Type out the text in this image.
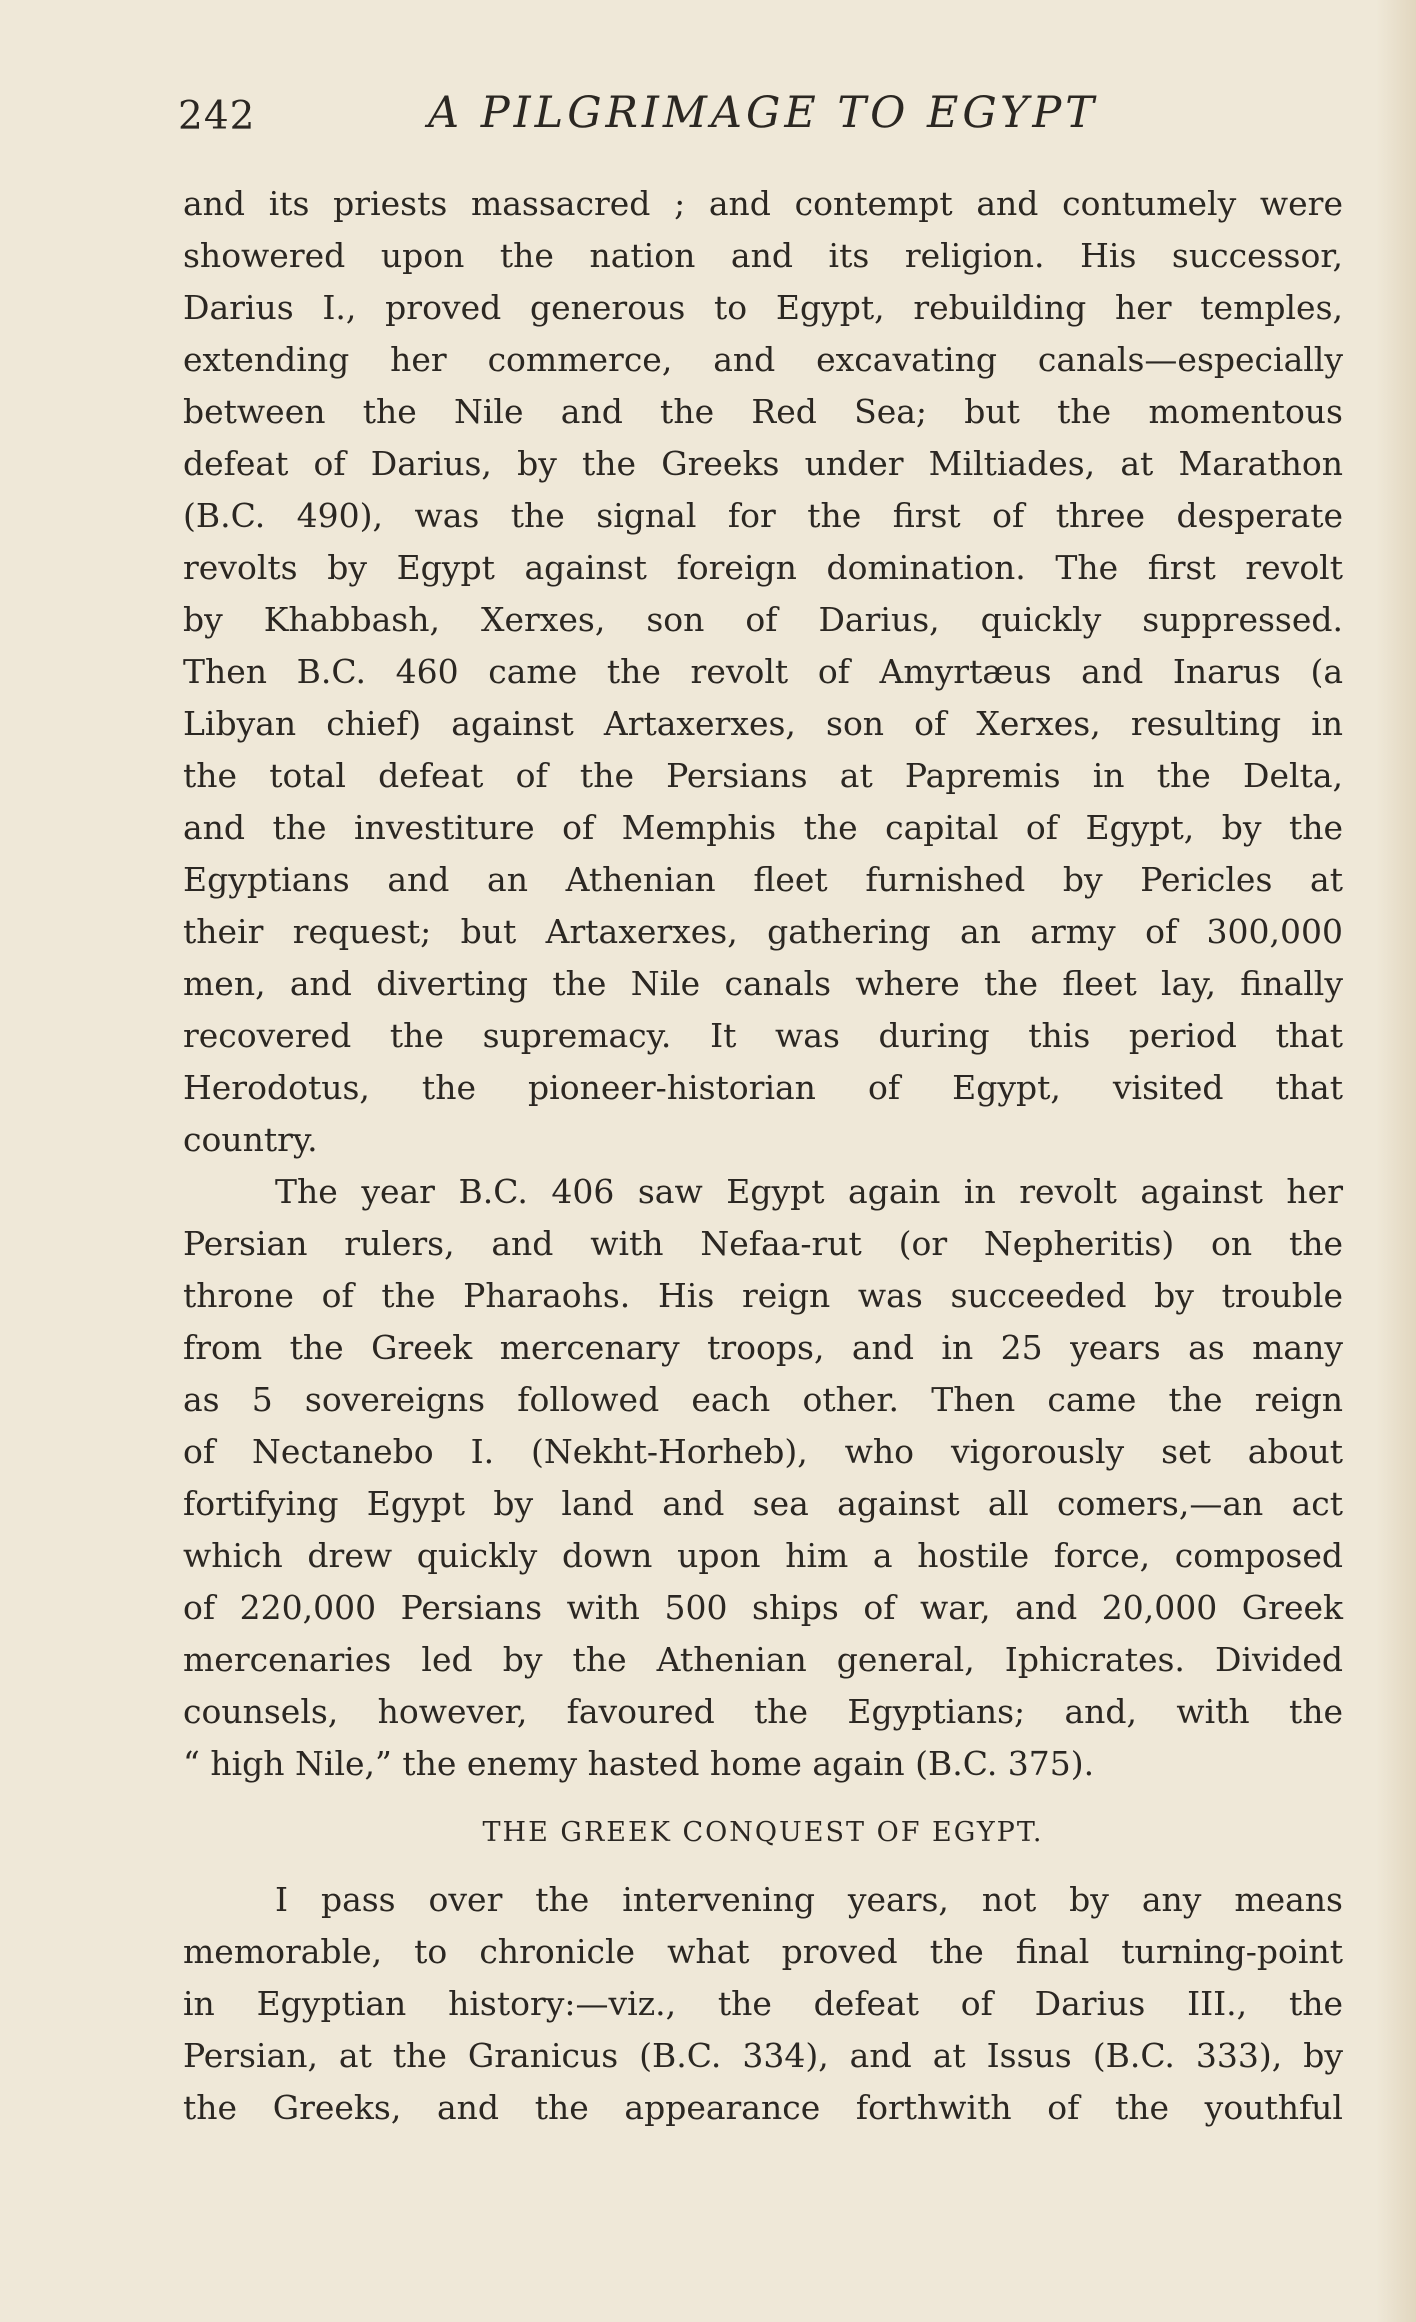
242	A PILGRIMAGE TO EGYPT
and its priests massacred ; and contempt and contumely were
showered upon the nation and its religion. His successor,
Darius I., proved generous to Egypt, rebuilding her temples,
extending her commerce, and excavating canals—especially
between the Nile and the Red Sea; but the momentous
defeat of Darius, by the Greeks under Miltiades, at Marathon
(B.C. 490), was the signal for the first of three desperate
revolts by Egypt against foreign domination. The first revolt
by Khabbash, Xerxes, son of Darius, quickly suppressed.
Then B.C. 460 came the revolt of Amyrtæus and Inarus (a
Libyan chief) against Artaxerxes, son of Xerxes, resulting in
the total defeat of the Persians at Papremis in the Delta,
and the investiture of Memphis the capital of Egypt, by the
Egyptians and an Athenian fleet furnished by Pericles at
their request; but Artaxerxes, gathering an army of 300,000
men, and diverting the Nile canals where the fleet lay, finally
recovered the supremacy. It was during this period that
Herodotus, the pioneer-historian of Egypt, visited that
country.
The year B.C. 406 saw Egypt again in revolt against her
Persian rulers, and with Nefaa-rut (or Nepheritis) on the
throne of the Pharaohs. His reign was succeeded by trouble
from the Greek mercenary troops, and in 25 years as many
as 5 sovereigns followed each other. Then came the reign
of Nectanebo I. (Nekht-Horheb), who vigorously set about
fortifying Egypt by land and sea against all comers,—an act
which drew quickly down upon him a hostile force, composed
of 220,000 Persians with 500 ships of war, and 20,000 Greek
mercenaries led by the Athenian general, Iphicrates. Divided
counsels, however, favoured the Egyptians; and, with the
“ high Nile,” the enemy hasted home again (B.C. 375).
THE GREEK CONQUEST OF EGYPT.
I pass over the intervening years, not by any means
memorable, to chronicle what proved the final turning-point
in Egyptian history:—viz., the defeat of Darius III., the
Persian, at the Granicus (B.C. 334), and at Issus (B.C. 333), by
the Greeks, and the appearance forthwith of the youthful
